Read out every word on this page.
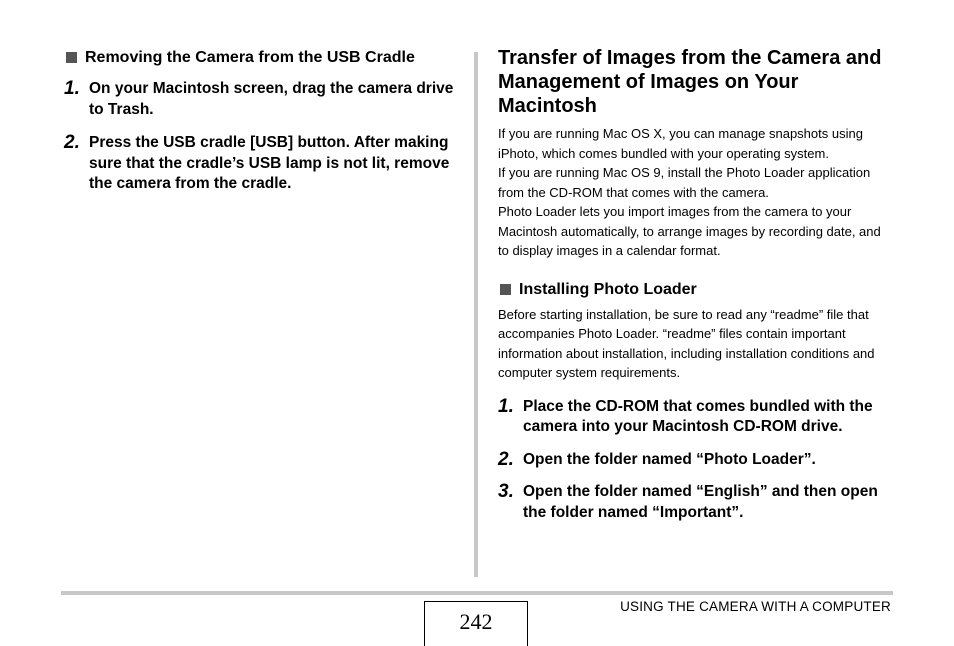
Removing the Camera from the USB Cradle
1. On your Macintosh screen, drag the camera drive to Trash.
2. Press the USB cradle [USB] button. After making sure that the cradle’s USB lamp is not lit, remove the camera from the cradle.
Transfer of Images from the Camera and Management of Images on Your Macintosh
If you are running Mac OS X, you can manage snapshots using iPhoto, which comes bundled with your operating system.
If you are running Mac OS 9, install the Photo Loader application from the CD-ROM that comes with the camera.
Photo Loader lets you import images from the camera to your Macintosh automatically, to arrange images by recording date, and to display images in a calendar format.
Installing Photo Loader
Before starting installation, be sure to read any “readme” file that accompanies Photo Loader. “readme” files contain important information about installation, including installation conditions and computer system requirements.
1. Place the CD-ROM that comes bundled with the camera into your Macintosh CD-ROM drive.
2. Open the folder named “Photo Loader”.
3. Open the folder named “English” and then open the folder named “Important”.
242
USING THE CAMERA WITH A COMPUTER
